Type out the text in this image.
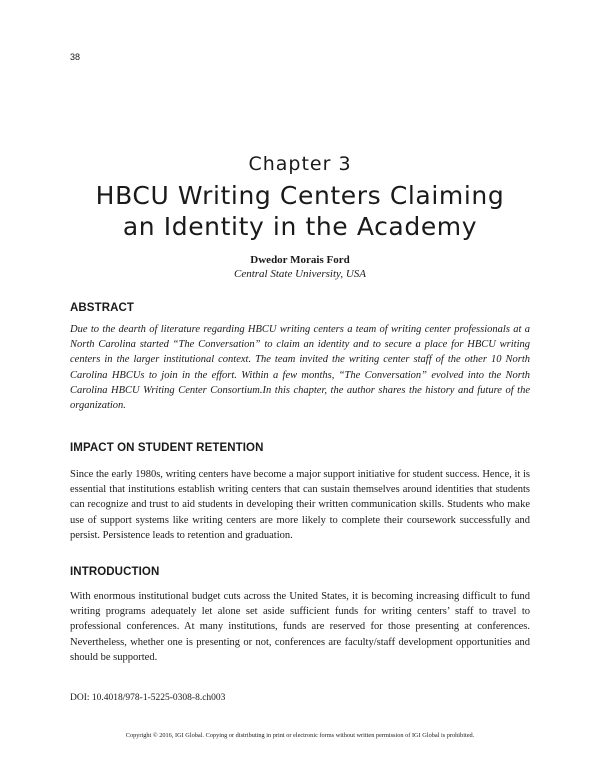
38
Chapter 3
HBCU Writing Centers Claiming
an Identity in the Academy
Dwedor Morais Ford
Central State University, USA
ABSTRACT
Due to the dearth of literature regarding HBCU writing centers a team of writing center professionals at a North Carolina started “The Conversation” to claim an identity and to secure a place for HBCU writing centers in the larger institutional context. The team invited the writing center staff of the other 10 North Carolina HBCUs to join in the effort. Within a few months, “The Conversation” evolved into the North Carolina HBCU Writing Center Consortium.In this chapter, the author shares the history and future of the organization.
IMPACT ON STUDENT RETENTION
Since the early 1980s, writing centers have become a major support initiative for student success. Hence, it is essential that institutions establish writing centers that can sustain themselves around identities that students can recognize and trust to aid students in developing their written communication skills. Students who make use of support systems like writing centers are more likely to complete their coursework successfully and persist. Persistence leads to retention and graduation.
INTRODUCTION
With enormous institutional budget cuts across the United States, it is becoming increasing difficult to fund writing programs adequately let alone set aside sufficient funds for writing centers’ staff to travel to professional conferences. At many institutions, funds are reserved for those presenting at conferences. Nevertheless, whether one is presenting or not, conferences are faculty/staff development opportunities and should be supported.
DOI: 10.4018/978-1-5225-0308-8.ch003
Copyright © 2016, IGI Global. Copying or distributing in print or electronic forms without written permission of IGI Global is prohibited.
